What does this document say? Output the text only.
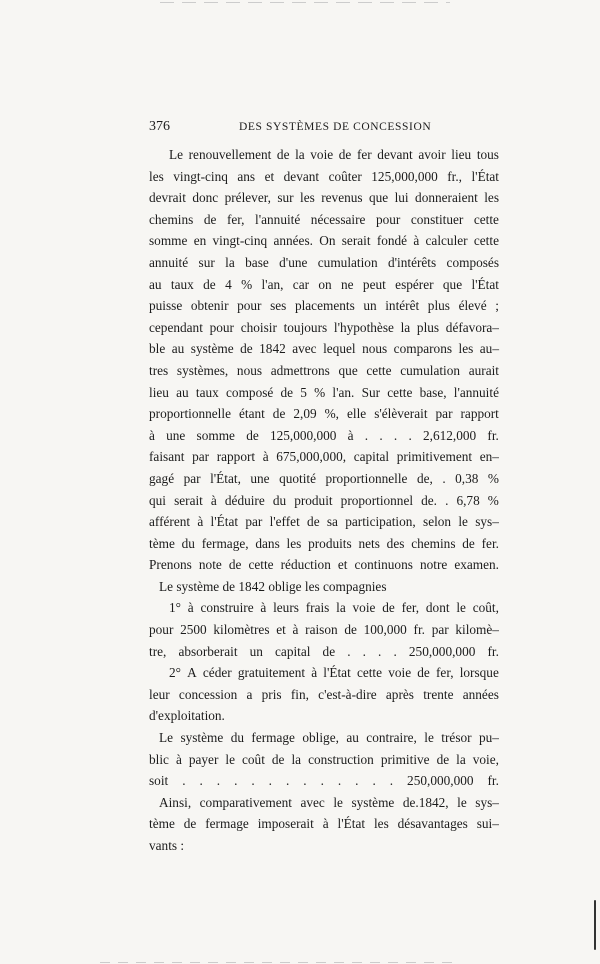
376	DES SYSTÈMES DE CONCESSION
Le renouvellement de la voie de fer devant avoir lieu tous
les vingt-cinq ans et devant coûter 125,000,000 fr., l'État
devrait donc prélever, sur les revenus que lui donneraient les
chemins de fer, l'annuité nécessaire pour constituer cette
somme en vingt-cinq années. On serait fondé à calculer cette
annuité sur la base d'une cumulation d'intérêts composés
au taux de 4 % l'an, car on ne peut espérer que l'État
puisse obtenir pour ses placements un intérêt plus élevé ;
cependant pour choisir toujours l'hypothèse la plus défavora–
ble au système de 1842 avec lequel nous comparons les au–
tres systèmes, nous admettrons que cette cumulation aurait
lieu au taux composé de 5 % l'an. Sur cette base, l'annuité
proportionnelle étant de 2,09 %, elle s'élèverait par rapport
à une somme de 125,000,000 à . . . . 2,612,000 fr.
faisant par rapport à 675,000,000, capital primitivement en–
gagé par l'État, une quotité proportionnelle de, . 0,38 %
qui serait à déduire du produit proportionnel de. . 6,78 %
afférent à l'État par l'effet de sa participation, selon le sys–
tème du fermage, dans les produits nets des chemins de fer.
Prenons note de cette réduction et continuons notre examen.
Le système de 1842 oblige les compagnies
1° à construire à leurs frais la voie de fer, dont le coût,
pour 2500 kilomètres et à raison de 100,000 fr. par kilomè–
tre, absorberait un capital de . . . . 250,000,000 fr.
2° A céder gratuitement à l'État cette voie de fer, lorsque
leur concession a pris fin, c'est-à-dire après trente années
d'exploitation.
Le système du fermage oblige, au contraire, le trésor pu–
blic à payer le coût de la construction primitive de la voie,
soit . . . . . . . . . . . . . 250,000,000 fr.
Ainsi, comparativement avec le système de.1842, le sys–
tème de fermage imposerait à l'État les désavantages sui–
vants :
